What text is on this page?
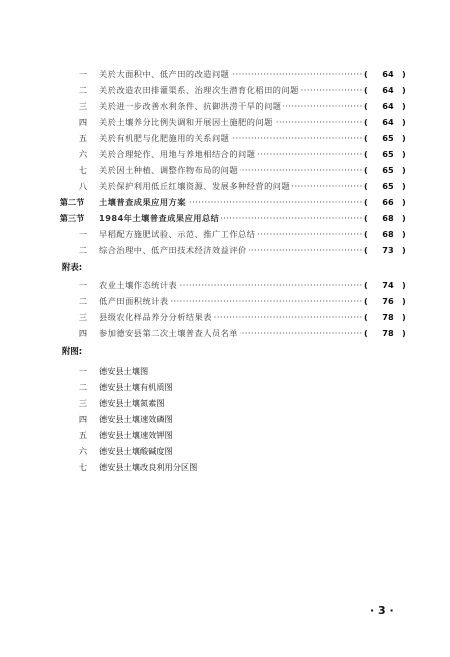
一	····· 关於大面积中、低产田的改造问题	(	64	)
二	····· 关於改造农田排灌渠系、治理次生潜育化稻田的问题	(	64	)
三	····· 关於进一步改善水利条件、抗御洪涝干旱的问题	(	64	)
四	····· 关於土壤养分比例失调和开展因土施肥的问题	(	64	)
五	····· 关於有机肥与化肥施用的关系问题	(	65	)
六	····· 关於合理轮作、用地与养地相结合的问题	(	65	)
七	····· 关於因土种植、调整作物布局的问题	(	65	)
八	····· 关於保护利用低丘红壤资源、发展多种经营的问题	(	65	)
第二节	····· 土壤普查成果应用方案	(	66	)
第三节	····· 1984年土壤普查成果应用总结	(	68	)
一	····· 早稻配方施肥试验、示范、推广工作总结	(	68	)
二	····· 综合治理中、低产田技术经济效益评价	(	73	)
附表:
一	····· 农业土壤作态统计表	(	74	)
二	····· 低产田面积统计表	(	76	)
三	····· 县级农化样品养分分析结果表	(	78	)
四	····· 参加德安县第二次土壤普查人员名单	(	78	)
附图:
一	德安县土壤图
二	德安县土壤有机质图
三	德安县土壤氮素图
四	德安县土壤速效磷图
五	德安县土壤速效钾图
六	德安县土壤酸碱度图
七	德安县土壤改良利用分区图
· 3 ·
